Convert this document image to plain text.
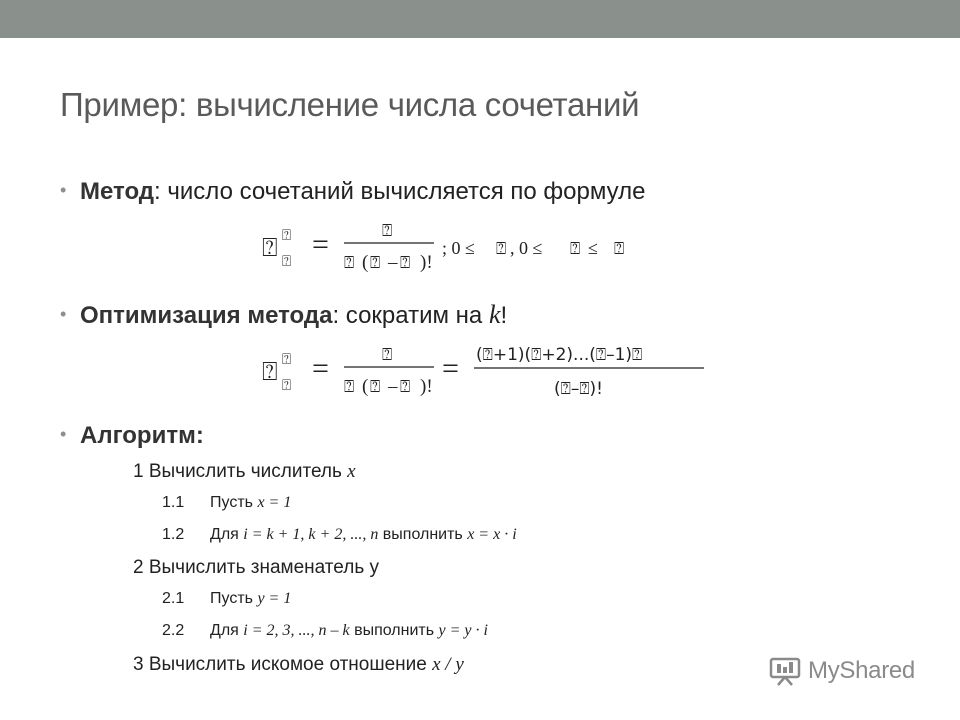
Пример: вычисление числа сочетаний
• Метод: число сочетаний вычисляется по формуле
⍰ ⍰
⍰ =	⍰
⍰ ( ⍰ – ⍰ )!
; 0 ≤ ⍰ , 0 ≤ ⍰ ≤ ⍰
• Оптимизация метода: сократим на k!
⍰ ⍰
⍰ =	⍰
⍰ ( ⍰ – ⍰ )!
= (⍰+1)(⍰+2)...(⍰–1)⍰
(⍰–⍰)!
• Алгоритм:
1 Вычислить числитель x
1.1 Пусть x = 1
1.2 Для i = k + 1, k + 2, ..., n выполнить x = x · i
2 Вычислить знаменатель y
2.1 Пусть y = 1
2.2 Для i = 2, 3, ..., n – k выполнить y = y · i
3 Вычислить искомое отношение x / y	MyShared
